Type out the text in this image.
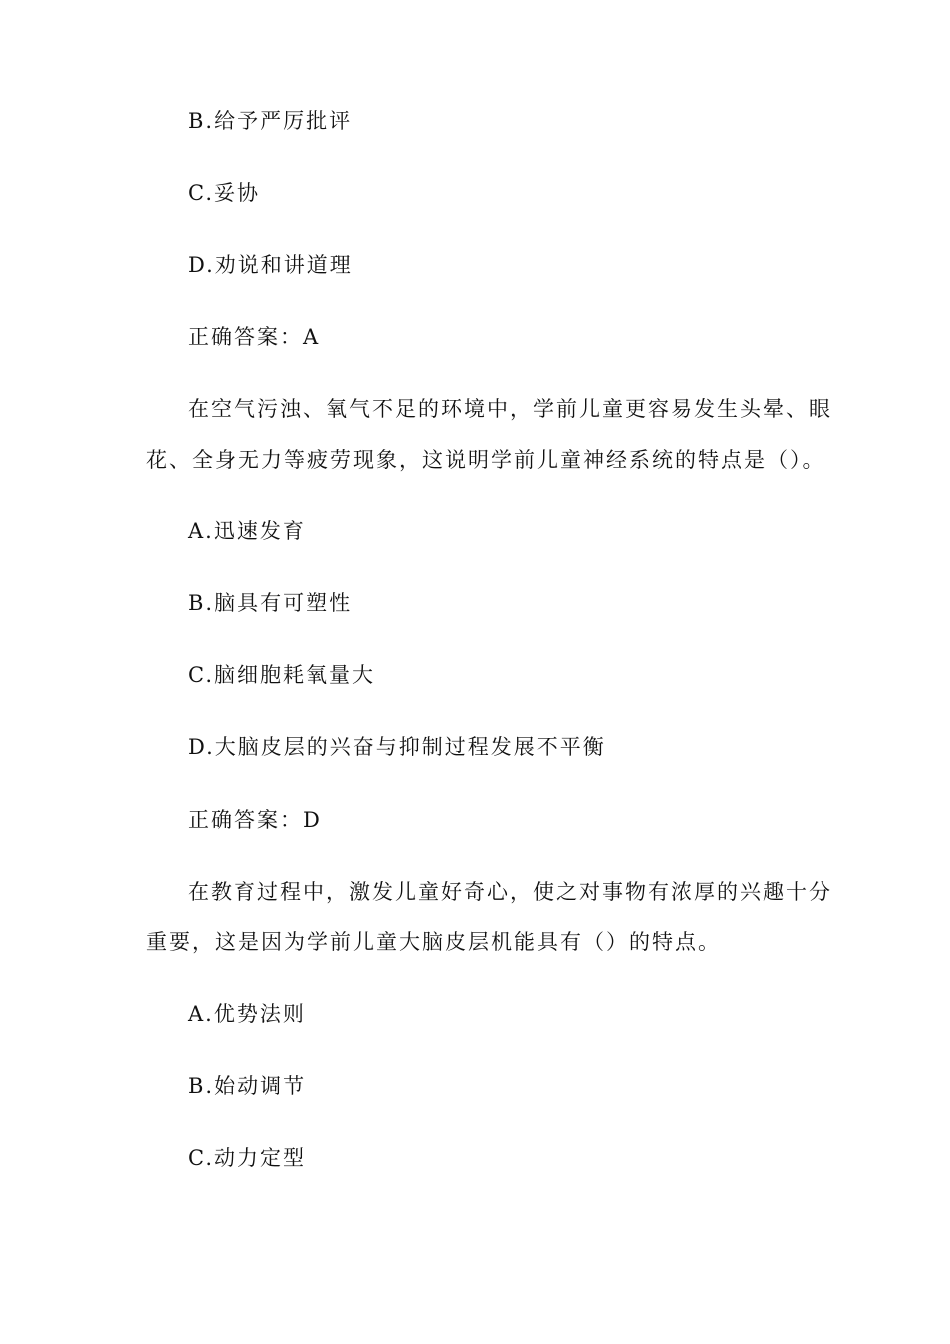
B.给予严厉批评
C.妥协
D.劝说和讲道理
正确答案：A
在空气污浊、氧气不足的环境中，学前儿童更容易发生头晕、眼
花、全身无力等疲劳现象，这说明学前儿童神经系统的特点是（）。
A.迅速发育
B.脑具有可塑性
C.脑细胞耗氧量大
D.大脑皮层的兴奋与抑制过程发展不平衡
正确答案：D
在教育过程中，激发儿童好奇心，使之对事物有浓厚的兴趣十分
重要，这是因为学前儿童大脑皮层机能具有（）的特点。
A.优势法则
B.始动调节
C.动力定型
